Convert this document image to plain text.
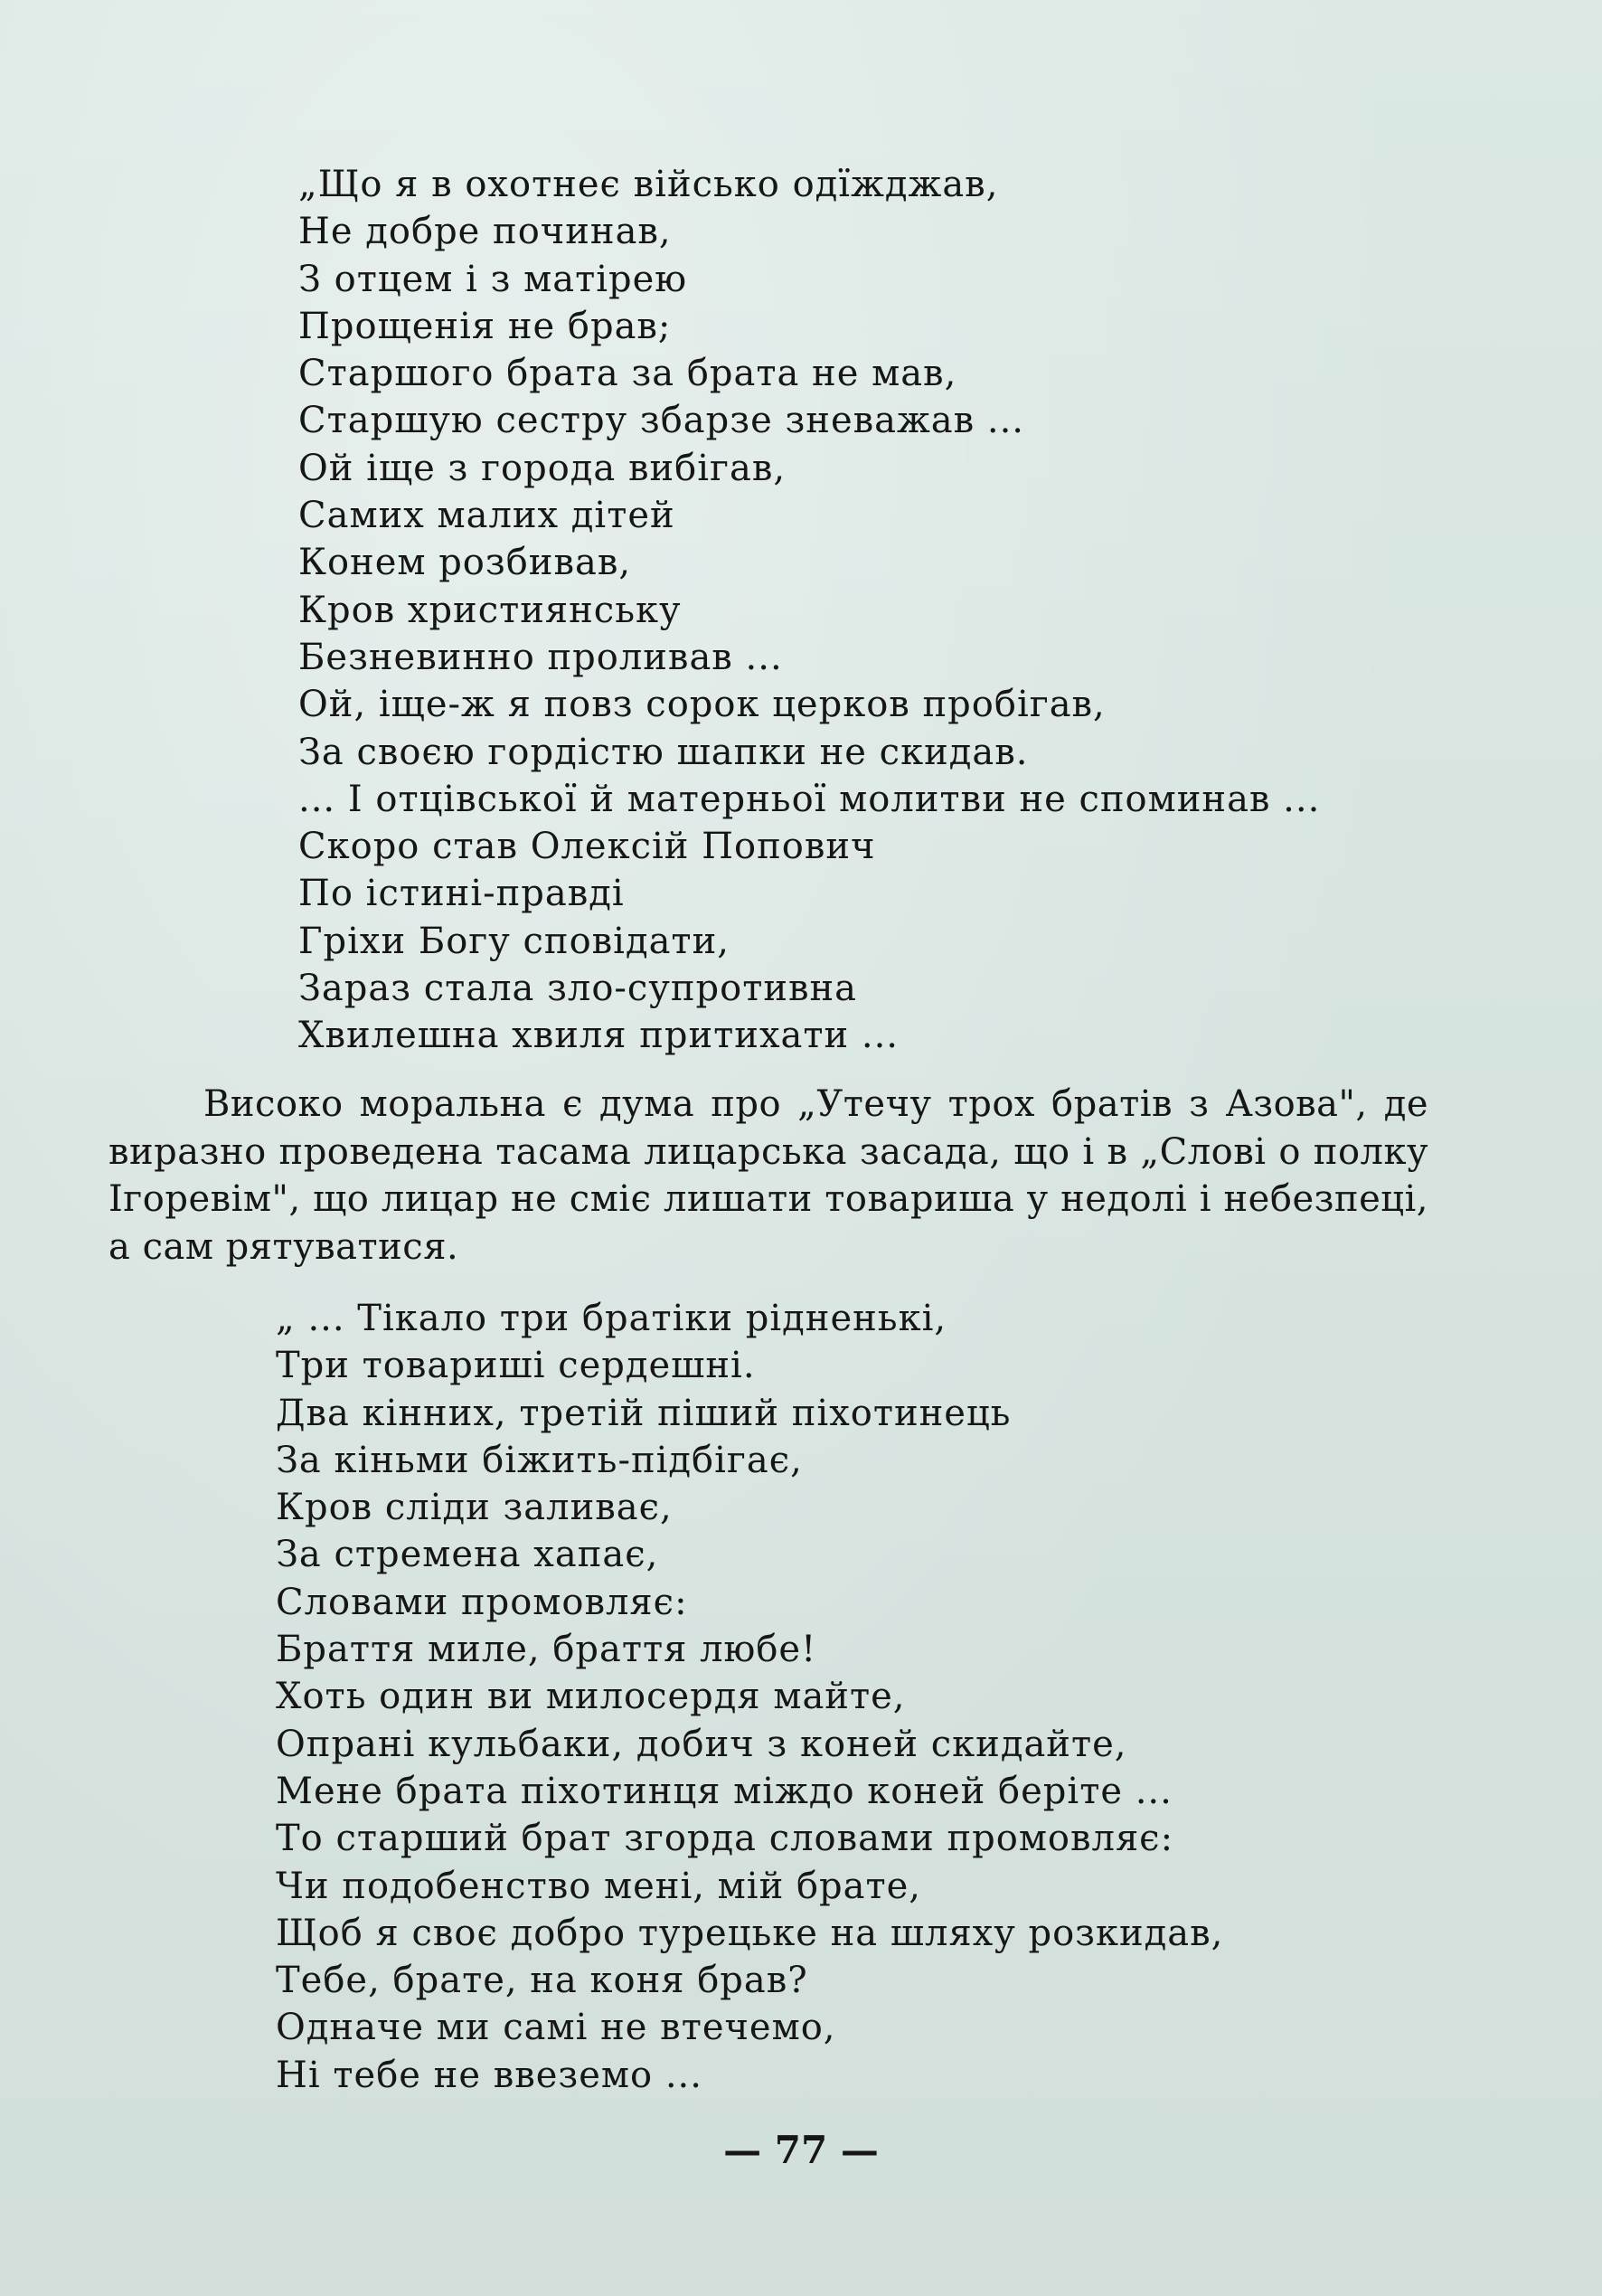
„Що я в охотнеє військо одїжджав,
Не добре починав,
З отцем і з матірею
Прощенія не брав;
Старшого брата за брата не мав,
Старшую сестру збарзе зневажав ...
Ой іще з города вибігав,
Самих малих дітей
Конем розбивав,
Кров християнську
Безневинно проливав ...
Ой, іще-ж я повз сорок церков пробігав,
За своєю гордістю шапки не скидав.
... І отцівської й матерньої молитви не споминав ...
Скоро став Олексій Попович
По істині-правді
Гріхи Богу сповідати,
Зараз стала зло-супротивна
Хвилешна хвиля притихати ...

Високо моральна є дума про „Утечу трох братів з Азова", де виразно проведена тасама лицарська засада, що і в „Слові о полку Ігоревім", що лицар не сміє лишати товариша у недолі і небезпеці, а сам рятуватися.

„ ... Тікало три братіки рідненькі,
Три товариші сердешні.
Два кінних, третій піший піхотинець
За кіньми біжить-підбігає,
Кров сліди заливає,
За стремена хапає,
Словами промовляє:
Браття миле, браття любе!
Хоть один ви милосердя майте,
Опрані кульбаки, добич з коней скидайте,
Мене брата піхотинця міждо коней беріте ...
То старший брат згорда словами промовляє:
Чи подобенство мені, мій брате,
Щоб я своє добро турецьке на шляху розкидав,
Тебе, брате, на коня брав?
Одначе ми самі не втечемо,
Ні тебе не ввеземо ...
— 77 —
